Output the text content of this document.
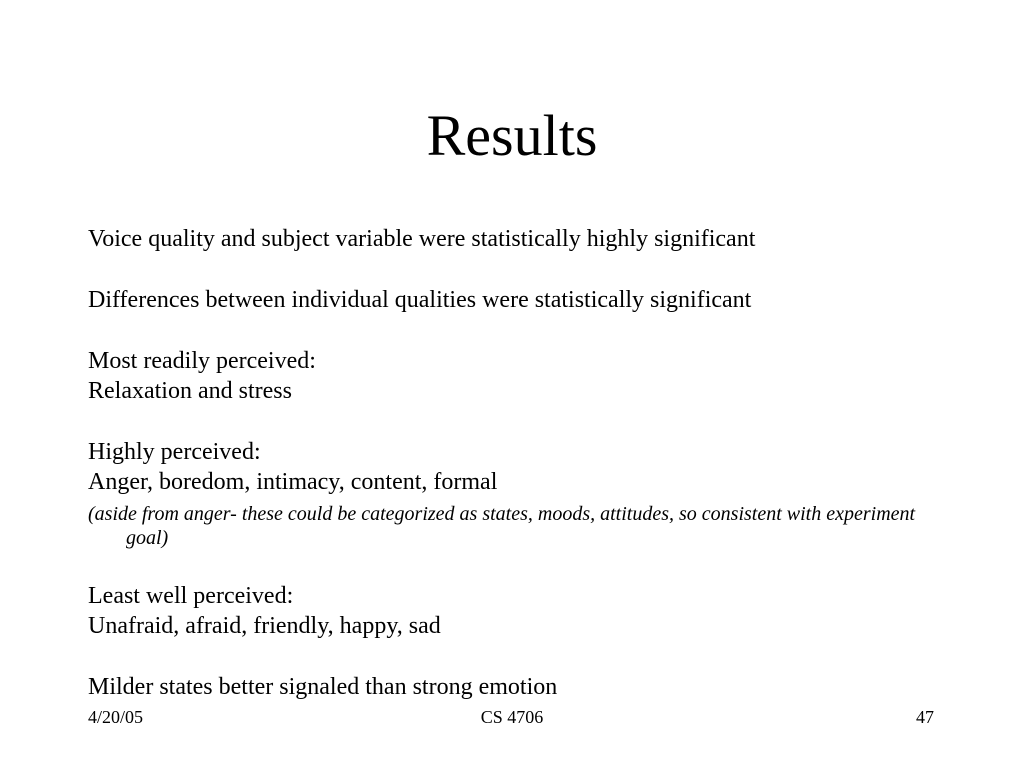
Results
Voice quality and subject variable were statistically highly significant
Differences between individual qualities were statistically significant
Most readily perceived:
Relaxation and stress
Highly perceived:
Anger, boredom, intimacy, content, formal
(aside from anger- these could be categorized as states, moods, attitudes, so consistent with experiment goal)
Least well perceived:
Unafraid, afraid, friendly, happy, sad
Milder states better signaled than strong emotion
4/20/05	CS 4706	47
